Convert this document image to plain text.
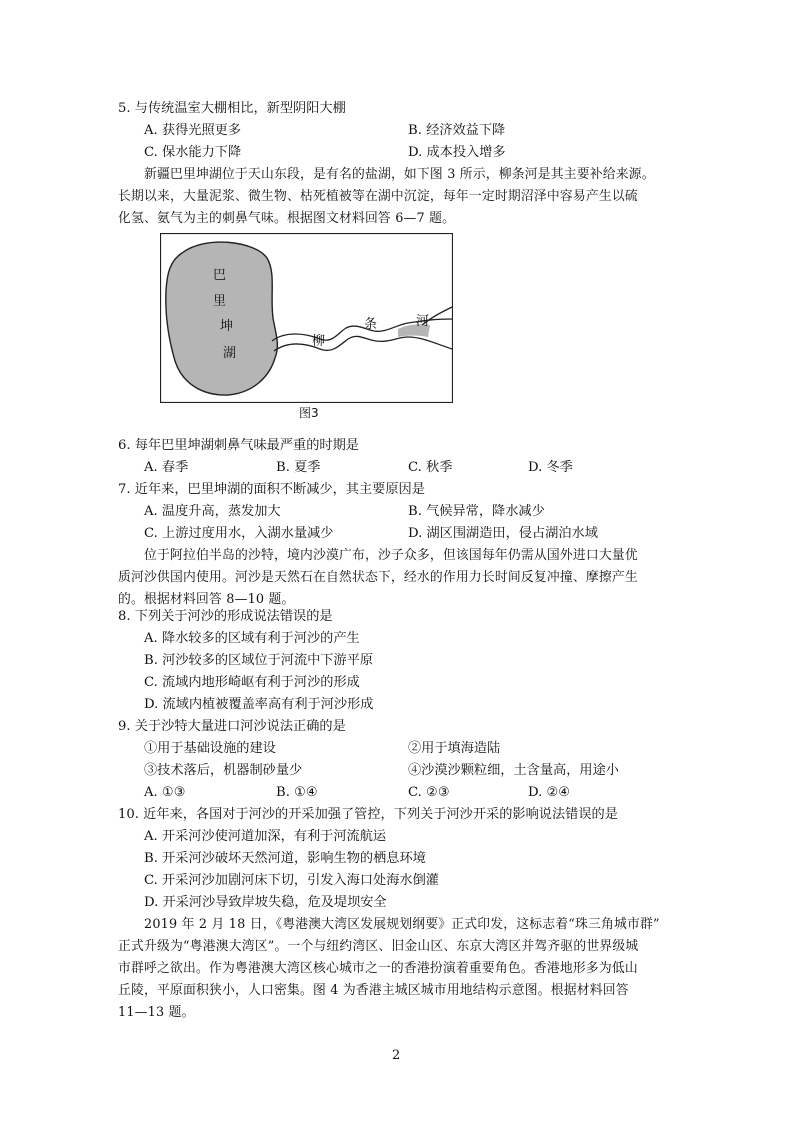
5. 与传统温室大棚相比，新型阴阳大棚
A. 获得光照更多	B. 经济效益下降
C. 保水能力下降	D. 成本投入增多
新疆巴里坤湖位于天山东段，是有名的盐湖，如下图 3 所示，柳条河是其主要补给来源。
长期以来，大量泥浆、微生物、枯死植被等在湖中沉淀，每年一定时期沼泽中容易产生以硫
化氢、氨气为主的刺鼻气味。根据图文材料回答 6—7 题。
巴
里
坤
湖
柳
条	河
图3
6. 每年巴里坤湖刺鼻气味最严重的时期是
A. 春季	B. 夏季	C. 秋季	D. 冬季
7. 近年来，巴里坤湖的面积不断减少，其主要原因是
A. 温度升高，蒸发加大	B. 气候异常，降水减少
C. 上游过度用水，入湖水量减少	D. 湖区围湖造田，侵占湖泊水域
位于阿拉伯半岛的沙特，境内沙漠广布，沙子众多，但该国每年仍需从国外进口大量优
质河沙供国内使用。河沙是天然石在自然状态下，经水的作用力长时间反复冲撞、摩擦产生
的。根据材料回答 8—10 题。
8. 下列关于河沙的形成说法错误的是
A. 降水较多的区域有利于河沙的产生
B. 河沙较多的区域位于河流中下游平原
C. 流域内地形崎岖有利于河沙的形成
D. 流域内植被覆盖率高有利于河沙形成
9. 关于沙特大量进口河沙说法正确的是
①用于基础设施的建设	②用于填海造陆
③技术落后，机器制砂量少	④沙漠沙颗粒细，土含量高，用途小
A. ①③	B. ①④	C. ②③	D. ②④
10. 近年来，各国对于河沙的开采加强了管控，下列关于河沙开采的影响说法错误的是
A. 开采河沙使河道加深，有利于河流航运
B. 开采河沙破坏天然河道，影响生物的栖息环境
C. 开采河沙加剧河床下切，引发入海口处海水倒灌
D. 开采河沙导致岸坡失稳，危及堤坝安全
2019 年 2 月 18 日，《粤港澳大湾区发展规划纲要》正式印发，这标志着“珠三角城市群”
正式升级为“粤港澳大湾区”。一个与纽约湾区、旧金山区、东京大湾区并驾齐驱的世界级城
市群呼之欲出。作为粤港澳大湾区核心城市之一的香港扮演着重要角色。香港地形多为低山
丘陵，平原面积狭小，人口密集。图 4 为香港主城区城市用地结构示意图。根据材料回答
11—13 题。
2
